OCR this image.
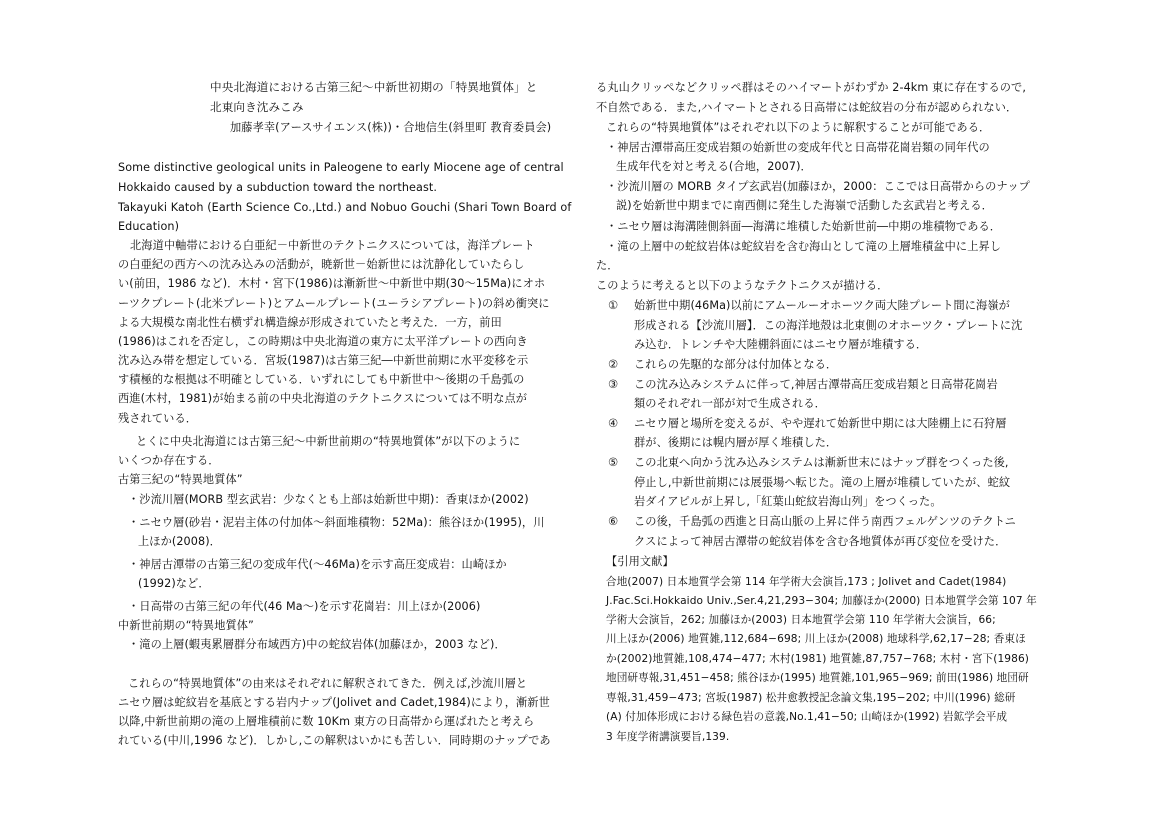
中央北海道における古第三紀〜中新世初期の「特異地質体」と
北東向き沈みこみ
加藤孝幸(アースサイエンス(株))・合地信生(斜里町 教育委員会)
Some distinctive geological units in Paleogene to early Miocene age of central
Hokkaido caused by a subduction toward the northeast.
Takayuki Katoh (Earth Science Co.,Ltd.) and Nobuo Gouchi (Shari Town Board of
Education)
北海道中軸帯における白亜紀－中新世のテクトニクスについては，海洋プレート
の白亜紀の西方への沈み込みの活動が，暁新世－始新世には沈静化していたらし
い(前田，1986 など)．木村・宮下(1986)は漸新世～中新世中期(30～15Ma)にオホ
ーツクプレート(北米プレート)とアムールプレート(ユーラシアプレート)の斜め衝突に
よる大規模な南北性右横ずれ構造線が形成されていたと考えた．一方，前田
(1986)はこれを否定し，この時期は中央北海道の東方に太平洋プレートの西向き
沈み込み帯を想定している．宮坂(1987)は古第三紀―中新世前期に水平変移を示
す積極的な根拠は不明確としている．いずれにしても中新世中～後期の千島弧の
西進(木村，1981)が始まる前の中央北海道のテクトニクスについては不明な点が
残されている．
とくに中央北海道には古第三紀～中新世前期の“特異地質体”が以下のように
いくつか存在する．
古第三紀の“特異地質体”
・沙流川層(MORB 型玄武岩：少なくとも上部は始新世中期)：香東ほか(2002)
・ニセウ層(砂岩・泥岩主体の付加体～斜面堆積物：52Ma)：熊谷ほか(1995)，川
上ほか(2008)．
・神居古潭帯の古第三紀の変成年代(～46Ma)を示す高圧変成岩：山崎ほか
(1992)など．
・日高帯の古第三紀の年代(46 Ma～)を示す花崗岩：川上ほか(2006)
中新世前期の“特異地質体”
・滝の上層(蝦夷累層群分布域西方)中の蛇紋岩体(加藤ほか，2003 など)．
これらの“特異地質体”の由来はそれぞれに解釈されてきた．例えば,沙流川層と
ニセウ層は蛇紋岩を基底とする岩内ナップ(Jolivet and Cadet,1984)により，漸新世
以降,中新世前期の滝の上層堆積前に数 10Km 東方の日高帯から運ばれたと考えら
れている(中川,1996 など)．しかし,この解釈はいかにも苦しい．同時期のナップであ
る丸山クリッペなどクリッペ群はそのハイマートがわずか 2-4km 東に存在するので,
不自然である．また,ハイマートとされる日高帯には蛇紋岩の分布が認められない．
これらの“特異地質体”はそれぞれ以下のように解釈することが可能である．
・神居古潭帯高圧変成岩類の始新世の変成年代と日高帯花崗岩類の同年代の
生成年代を対と考える(合地，2007)．
・沙流川層の MORB タイプ玄武岩(加藤ほか，2000：ここでは日高帯からのナップ
説)を始新世中期までに南西側に発生した海嶺で活動した玄武岩と考える．
・ニセウ層は海溝陸側斜面―海溝に堆積した始新世前―中期の堆積物である．
・滝の上層中の蛇紋岩体は蛇紋岩を含む海山として滝の上層堆積盆中に上昇し
た．
このように考えると以下のようなテクトニクスが描ける．
① 始新世中期(46Ma)以前にアムールーオホーツク両大陸プレート間に海嶺が
形成される【沙流川層】．この海洋地殻は北東側のオホーツク・プレートに沈
み込む．トレンチや大陸棚斜面にはニセウ層が堆積する．
② これらの先駆的な部分は付加体となる．
③ この沈み込みシステムに伴って,神居古潭帯高圧変成岩類と日高帯花崗岩
類のそれぞれ一部が対で生成される．
④ ニセウ層と場所を変えるが、やや遅れて始新世中期には大陸棚上に石狩層
群が、後期には幌内層が厚く堆積した．
⑤ この北東へ向かう沈み込みシステムは漸新世末にはナップ群をつくった後,
停止し,中新世前期には展張場へ転じた。滝の上層が堆積していたが、蛇紋
岩ダイアピルが上昇し,「紅葉山蛇紋岩海山列」をつくった。
⑥ この後，千島弧の西進と日高山脈の上昇に伴う南西フェルゲンツのテクトニ
クスによって神居古潭帯の蛇紋岩体を含む各地質体が再び変位を受けた．
【引用文献】
合地(2007) 日本地質学会第 114 年学術大会演旨,173 ; Jolivet and Cadet(1984)
J.Fac.Sci.Hokkaido Univ.,Ser.4,21,293−304; 加藤ほか(2000) 日本地質学会第 107 年
学術大会演旨，262; 加藤ほか(2003) 日本地質学会第 110 年学術大会演旨，66;
川上ほか(2006) 地質雑,112,684−698; 川上ほか(2008) 地球科学,62,17−28; 香東ほ
か(2002)地質雑,108,474−477; 木村(1981) 地質雑,87,757−768; 木村・宮下(1986)
地団研専報,31,451−458; 熊谷ほか(1995) 地質雑,101,965−969; 前田(1986) 地団研
専報,31,459−473; 宮坂(1987) 松井愈教授記念論文集,195−202; 中川(1996) 総研
(A) 付加体形成における緑色岩の意義,No.1,41−50; 山崎ほか(1992) 岩鉱学会平成
3 年度学術講演要旨,139.
